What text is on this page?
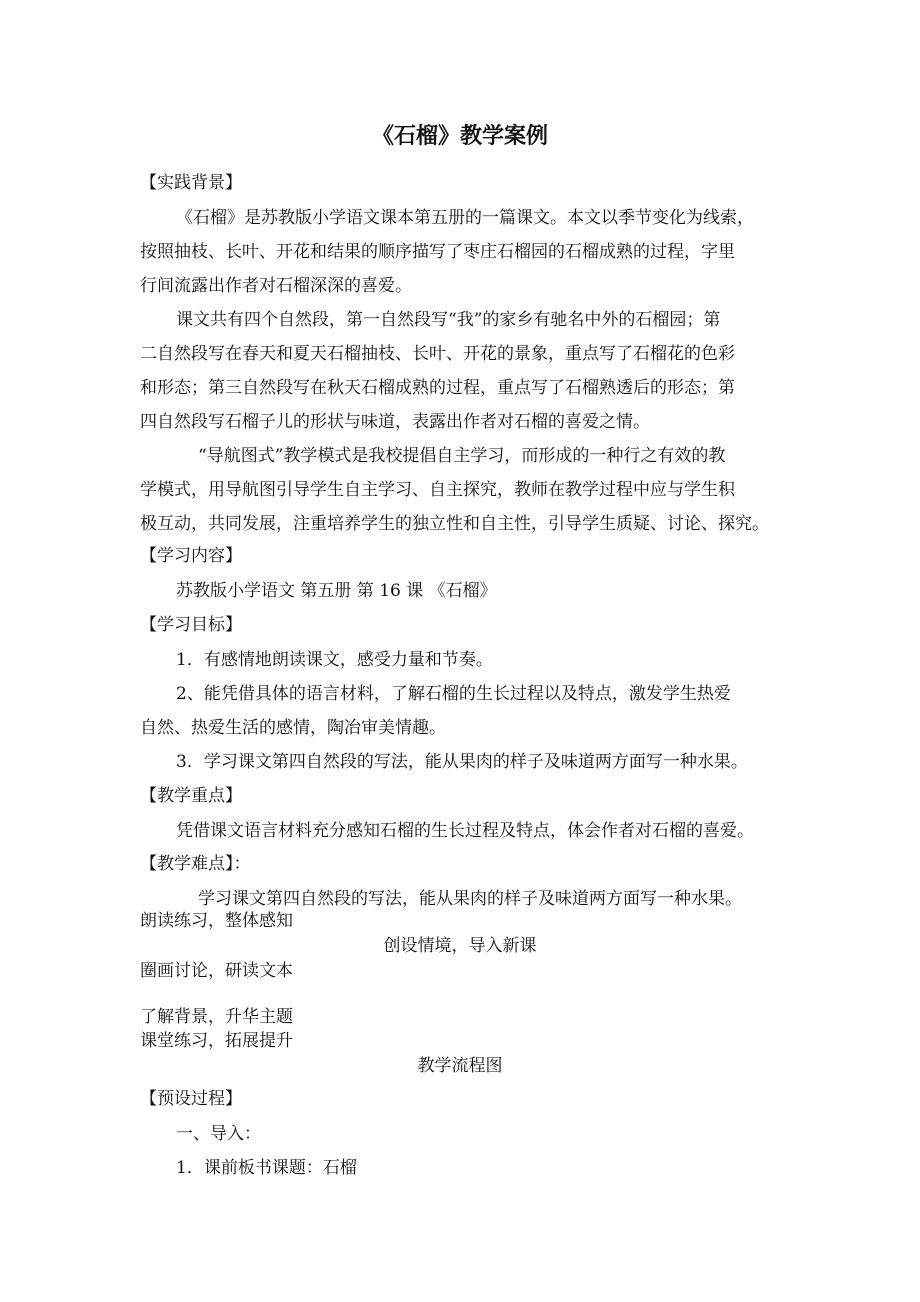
《石榴》教学案例
【实践背景】
《石榴》是苏教版小学语文课本第五册的一篇课文。本文以季节变化为线索，
按照抽枝、长叶、开花和结果的顺序描写了枣庄石榴园的石榴成熟的过程，字里
行间流露出作者对石榴深深的喜爱。
课文共有四个自然段，第一自然段写“我”的家乡有驰名中外的石榴园；第
二自然段写在春天和夏天石榴抽枝、长叶、开花的景象，重点写了石榴花的色彩
和形态；第三自然段写在秋天石榴成熟的过程，重点写了石榴熟透后的形态；第
四自然段写石榴子儿的形状与味道，表露出作者对石榴的喜爱之情。
“导航图式”教学模式是我校提倡自主学习，而形成的一种行之有效的教
学模式，用导航图引导学生自主学习、自主探究，教师在教学过程中应与学生积
极互动，共同发展，注重培养学生的独立性和自主性，引导学生质疑、讨论、探究。
【学习内容】
苏教版小学语文 第五册 第 16 课 《石榴》
【学习目标】
1．有感情地朗读课文，感受力量和节奏。
2、能凭借具体的语言材料，了解石榴的生长过程以及特点，激发学生热爱
自然、热爱生活的感情，陶冶审美情趣。
3．学习课文第四自然段的写法，能从果肉的样子及味道两方面写一种水果。
【教学重点】
凭借课文语言材料充分感知石榴的生长过程及特点，体会作者对石榴的喜爱。
【教学难点】：
学习课文第四自然段的写法，能从果肉的样子及味道两方面写一种水果。
朗读练习，整体感知
创设情境，导入新课
圈画讨论，研读文本
了解背景，升华主题
课堂练习，拓展提升
教学流程图
【预设过程】
一、导入：
1．课前板书课题：石榴
